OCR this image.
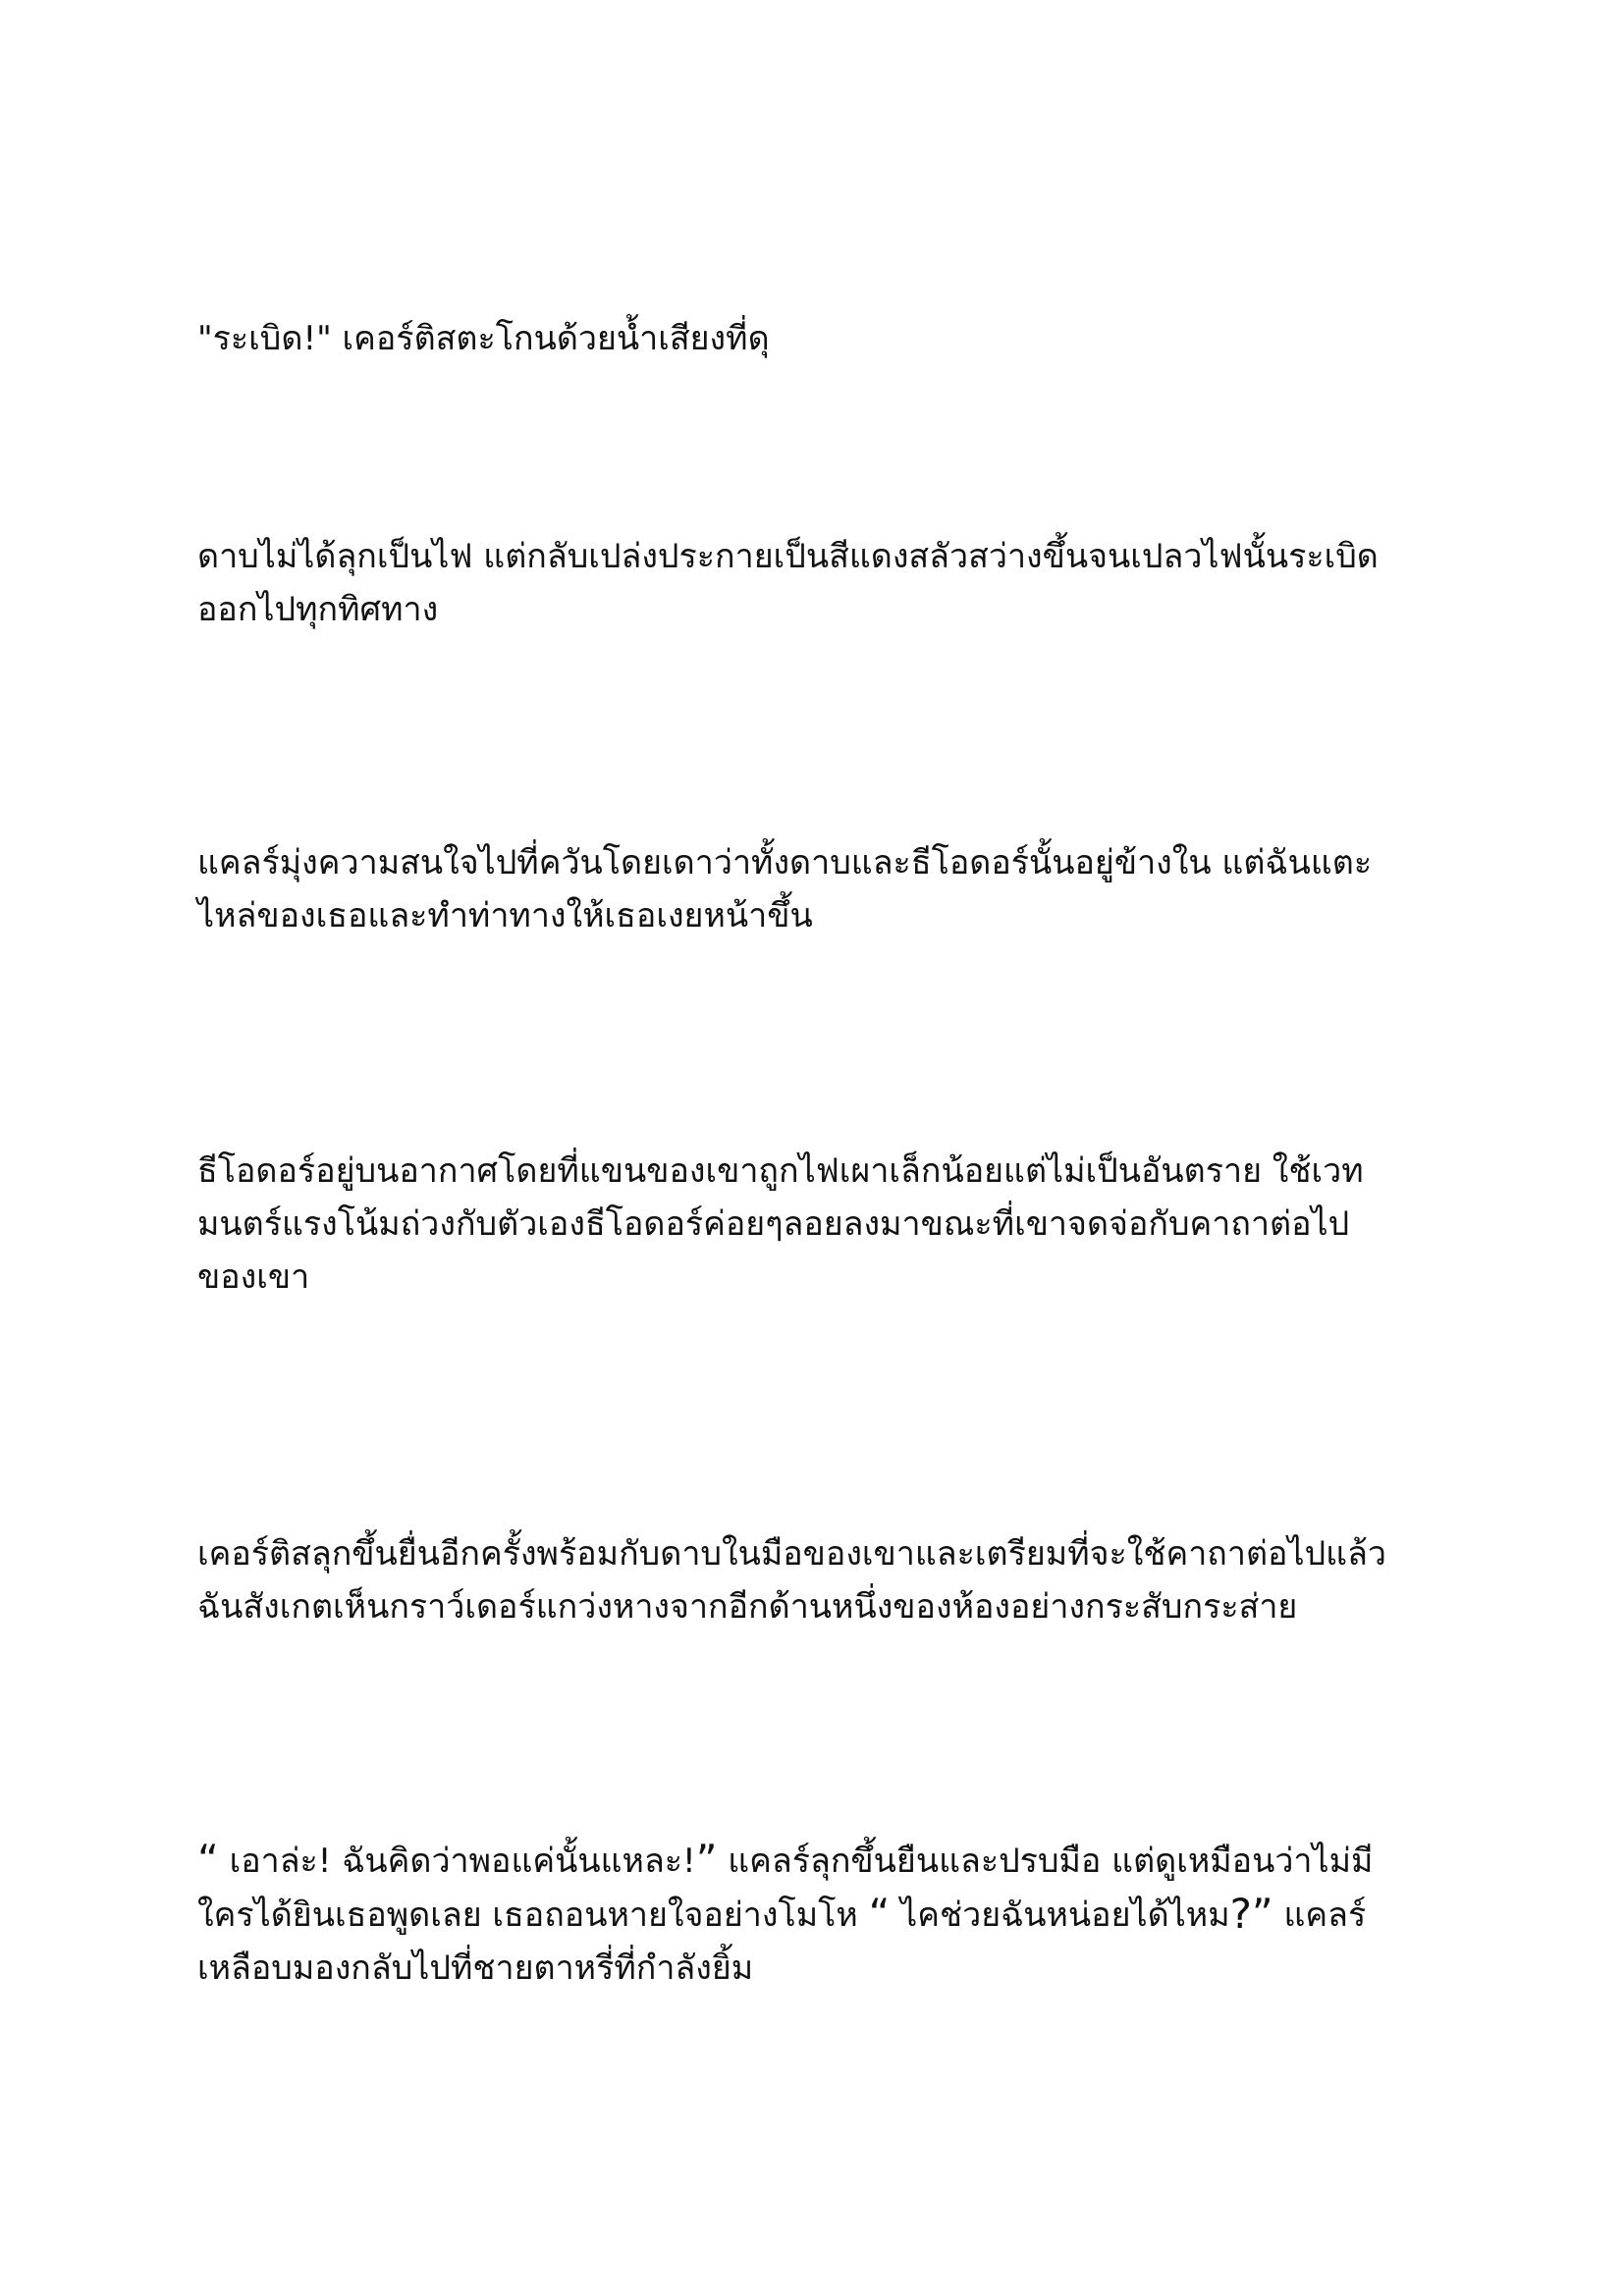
"ระเบิด!" เคอร์ติสตะโกนด้วยน้ำเสียงที่ดุ

ดาบไม่ได้ลุกเป็นไฟ แต่กลับเปล่งประกายเป็นสีแดงสลัวสว่างขึ้นจนเปลวไฟนั้นระเบิด
ออกไปทุกทิศทาง

แคลร์มุ่งความสนใจไปที่ควันโดยเดาว่าทั้งดาบและธีโอดอร์นั้นอยู่ข้างใน แต่ฉันแตะ
ไหล่ของเธอและทำท่าทางให้เธอเงยหน้าขึ้น

ธีโอดอร์อยู่บนอากาศโดยที่แขนของเขาถูกไฟเผาเล็กน้อยแต่ไม่เป็นอันตราย ใช้เวท
มนตร์แรงโน้มถ่วงกับตัวเองธีโอดอร์ค่อยๆลอยลงมาขณะที่เขาจดจ่อกับคาถาต่อไป
ของเขา

เคอร์ติสลุกขึ้นยื่นอีกครั้งพร้อมกับดาบในมือของเขาและเตรียมที่จะใช้คาถาต่อไปแล้ว
ฉันสังเกตเห็นกราว์เดอร์แกว่งหางจากอีกด้านหนึ่งของห้องอย่างกระสับกระส่าย

“ เอาล่ะ! ฉันคิดว่าพอแค่นั้นแหละ!” แคลร์ลุกขึ้นยืนและปรบมือ แต่ดูเหมือนว่าไม่มี
ใครได้ยินเธอพูดเลย เธอถอนหายใจอย่างโมโห “ ไคช่วยฉันหน่อยได้ไหม?” แคลร์
เหลือบมองกลับไปที่ชายตาหรี่ที่กำลังยิ้ม
